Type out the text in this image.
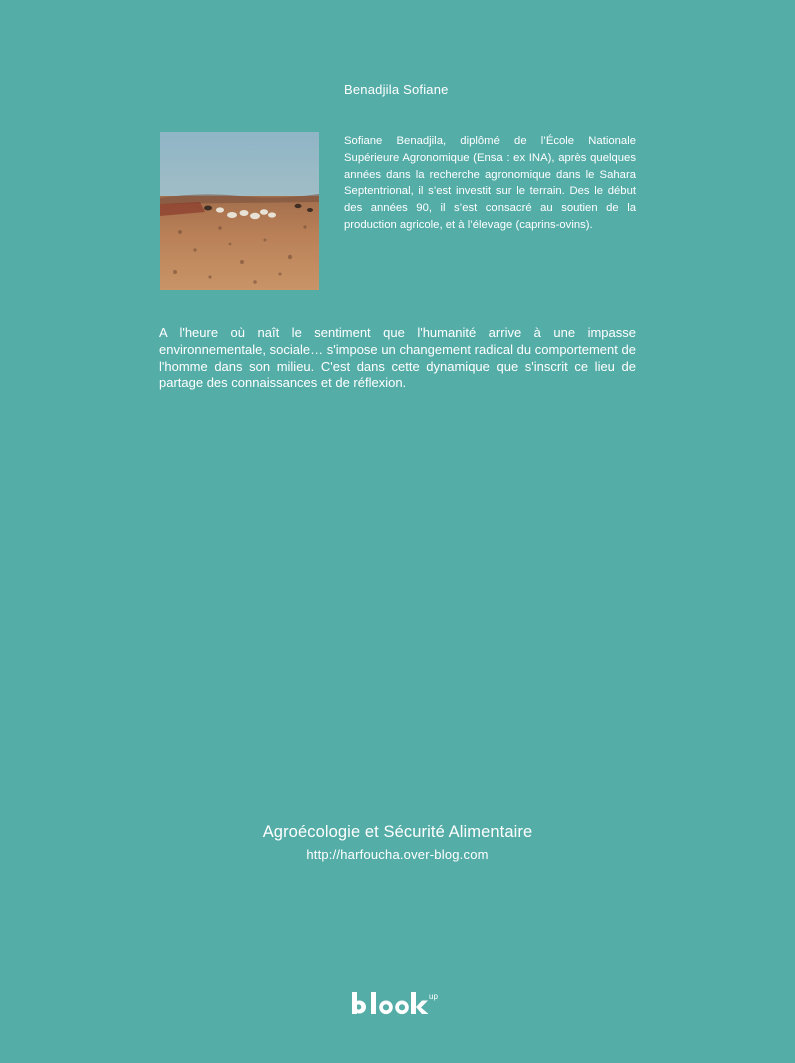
Benadjila Sofiane

Sofiane Benadjila, diplômé de l’École Nationale Supérieure Agronomique (Ensa : ex INA), après quelques années dans la recherche agronomique dans le Sahara Septentrional, il s’est investit sur le terrain. Des le début des années 90, il s’est consacré au soutien de la production agricole, et à l’élevage (caprins-ovins).

A l'heure où naît le sentiment que l'humanité arrive à une impasse environnementale, sociale… s'impose un changement radical du comportement de l'homme dans son milieu. C'est dans cette dynamique que s'inscrit ce lieu de partage des connaissances et de réflexion.

Agroécologie et Sécurité Alimentaire
http://harfoucha.over-blog.com
up
